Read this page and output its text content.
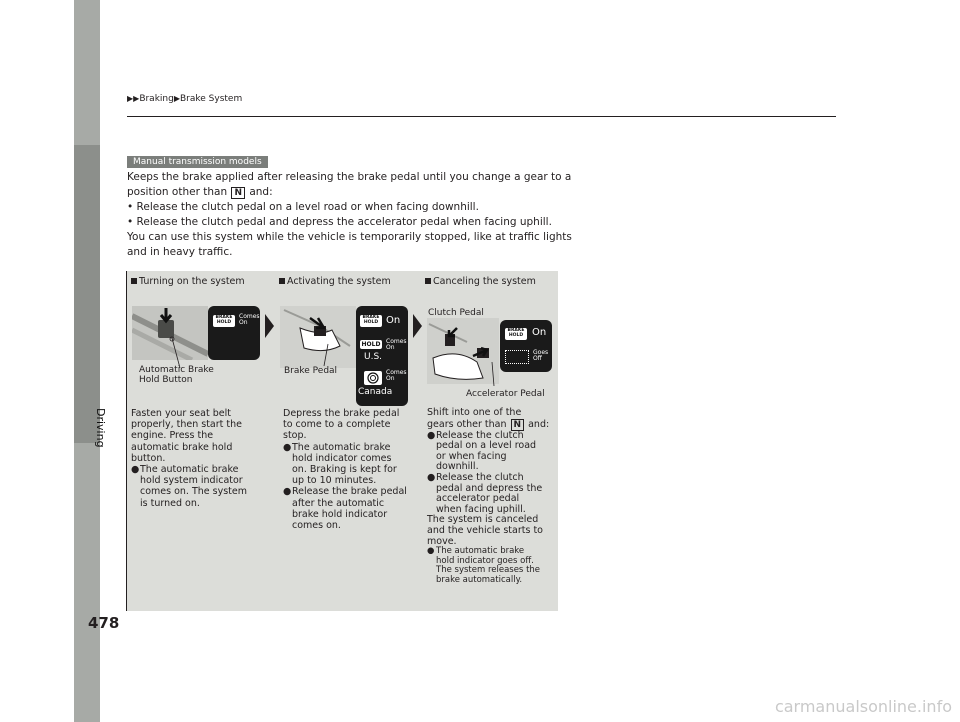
Driving
▶▶Braking▶Brake System
Manual transmission models
Keeps the brake applied after releasing the brake pedal until you change a gear to a
position other than N and:
• Release the clutch pedal on a level road or when facing downhill.
• Release the clutch pedal and depress the accelerator pedal when facing uphill.
You can use this system while the vehicle is temporarily stopped, like at traffic lights
and in heavy traffic.
Turning on the system	Activating the system	Canceling the system
BRAKE
HOLD
Comes
On
Automatic Brake
Hold Button
BRAKE
HOLD On
HOLD Comes
On
U.S.
Comes
On
Canada
Brake Pedal
Clutch Pedal
BRAKE
HOLD On
Goes
Off
Accelerator Pedal

Fasten your seat belt

properly, then start the

engine. Press the

automatic brake hold

button.

● The automatic brake

hold system indicator

comes on. The system

is turned on.

Depress the brake pedal

to come to a complete

stop.

● The automatic brake

hold indicator comes

on. Braking is kept for

up to 10 minutes.

● Release the brake pedal

after the automatic

brake hold indicator

comes on.

Shift into one of the

gears other than N and:

● Release the clutch

pedal on a level road

or when facing

downhill.

● Release the clutch

pedal and depress the

accelerator pedal

when facing uphill.

The system is canceled

and the vehicle starts to

move.

● The automatic brake

hold indicator goes off.

The system releases the

brake automatically.

478
carmanualsonline.info
